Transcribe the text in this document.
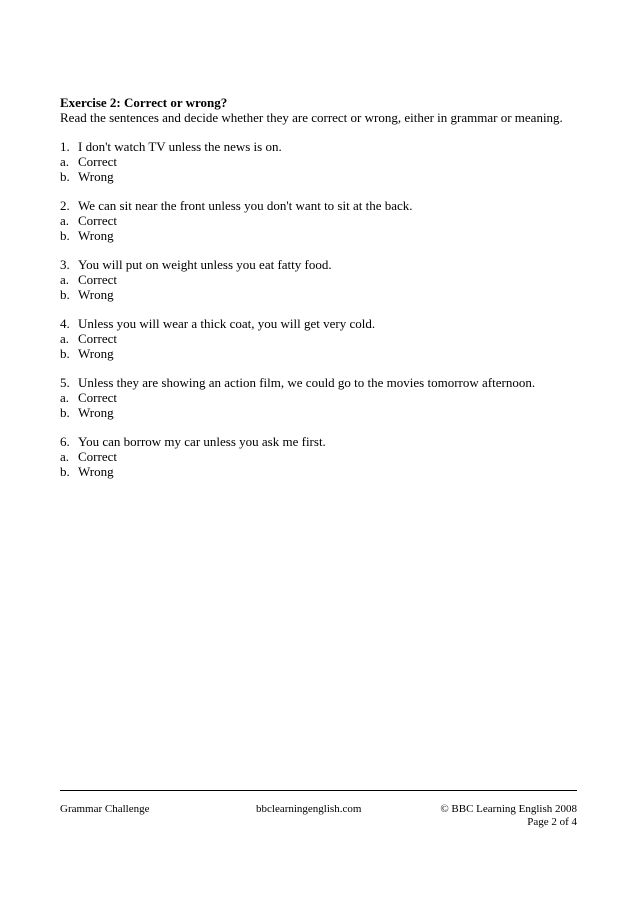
Exercise 2: Correct or wrong?

Read the sentences and decide whether they are correct or wrong, either in grammar or meaning.

1. I don't watch TV unless the news is on.
a. Correct
b. Wrong
2. We can sit near the front unless you don't want to sit at the back.
a. Correct
b. Wrong
3. You will put on weight unless you eat fatty food.
a. Correct
b. Wrong
4. Unless you will wear a thick coat, you will get very cold.
a. Correct
b. Wrong
5. Unless they are showing an action film, we could go to the movies tomorrow afternoon.
a. Correct
b. Wrong
6. You can borrow my car unless you ask me first.
a. Correct
b. Wrong
Grammar Challenge	bbclearningenglish.com	© BBC Learning English 2008
Page 2 of 4
